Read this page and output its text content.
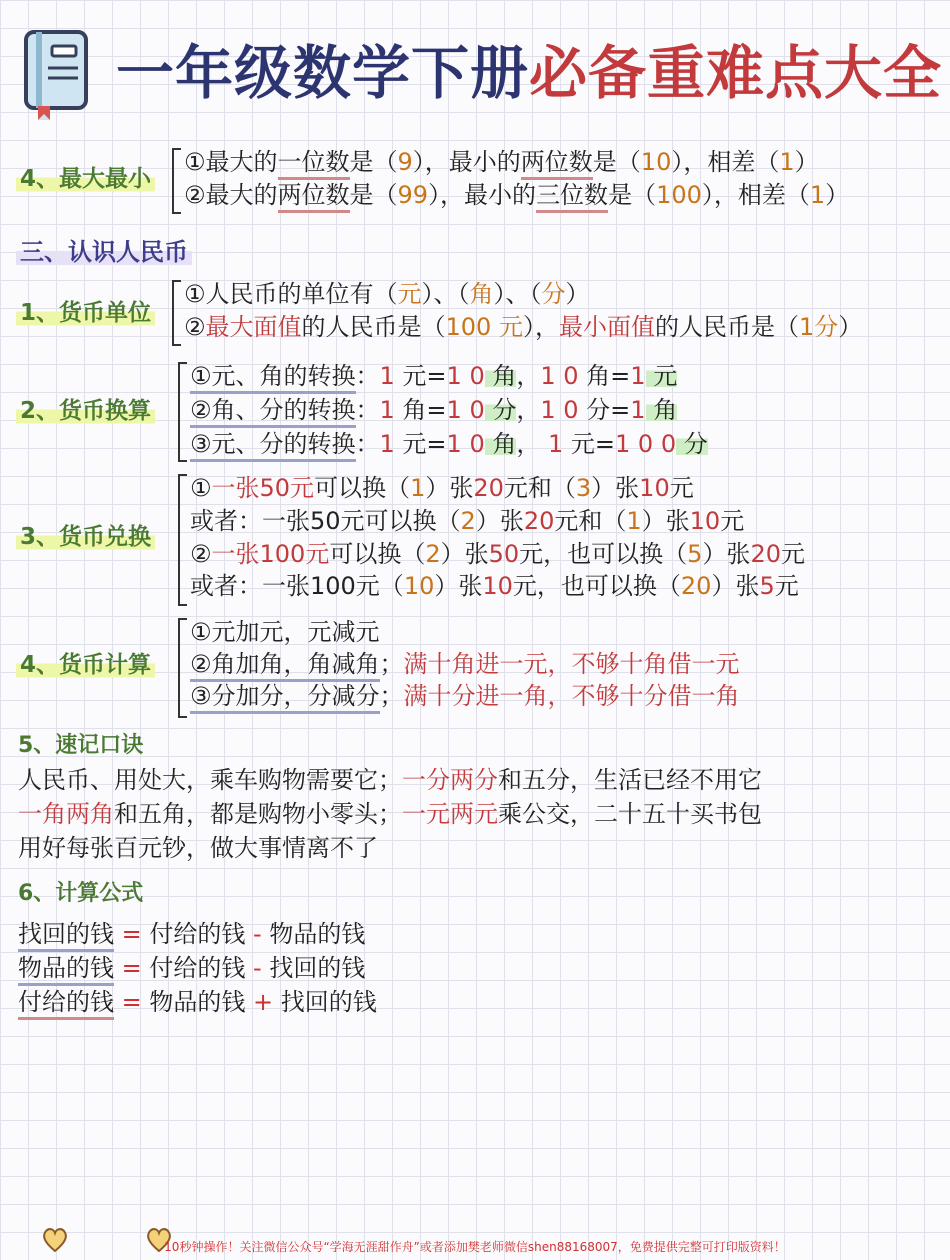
一年级数学下册必备重难点大全
4、最大最小
①最大的一位数是（9），最小的两位数是（10），相差（1）
②最大的两位数是（99），最小的三位数是（100），相差（1）
三、认识人民币
1、货币单位
①人民币的单位有（元）、（角）、（分）
②最大面值的人民币是（100 元），最小面值的人民币是（1分）
2、货币换算
①元、角的转换：1 元=1 0 角，1 0 角=1 元
②角、分的转换：1 角=1 0 分，1 0 分=1 角
③元、分的转换：1 元=1 0 角， 1 元=1 0 0 分
3、货币兑换
①一张50元可以换（1）张20元和（3）张10元
或者：一张50元可以换（2）张20元和（1）张10元
②一张100元可以换（2）张50元，也可以换（5）张20元
或者：一张100元（10）张10元，也可以换（20）张5元
4、货币计算
①元加元，元减元
②角加角，角减角；满十角进一元，不够十角借一元
③分加分，分减分；满十分进一角，不够十分借一角
5、速记口诀
人民币、用处大，乘车购物需要它；一分两分和五分，生活已经不用它
一角两角和五角，都是购物小零头；一元两元乘公交，二十五十买书包
用好每张百元钞，做大事情离不了
6、计算公式
找回的钱 = 付给的钱 - 物品的钱
物品的钱 = 付给的钱 - 找回的钱
付给的钱 = 物品的钱 + 找回的钱
10秒钟操作！关注微信公众号“学海无涯甜作舟”或者添加樊老师微信shen88168007，免费提供完整可打印版资料！
